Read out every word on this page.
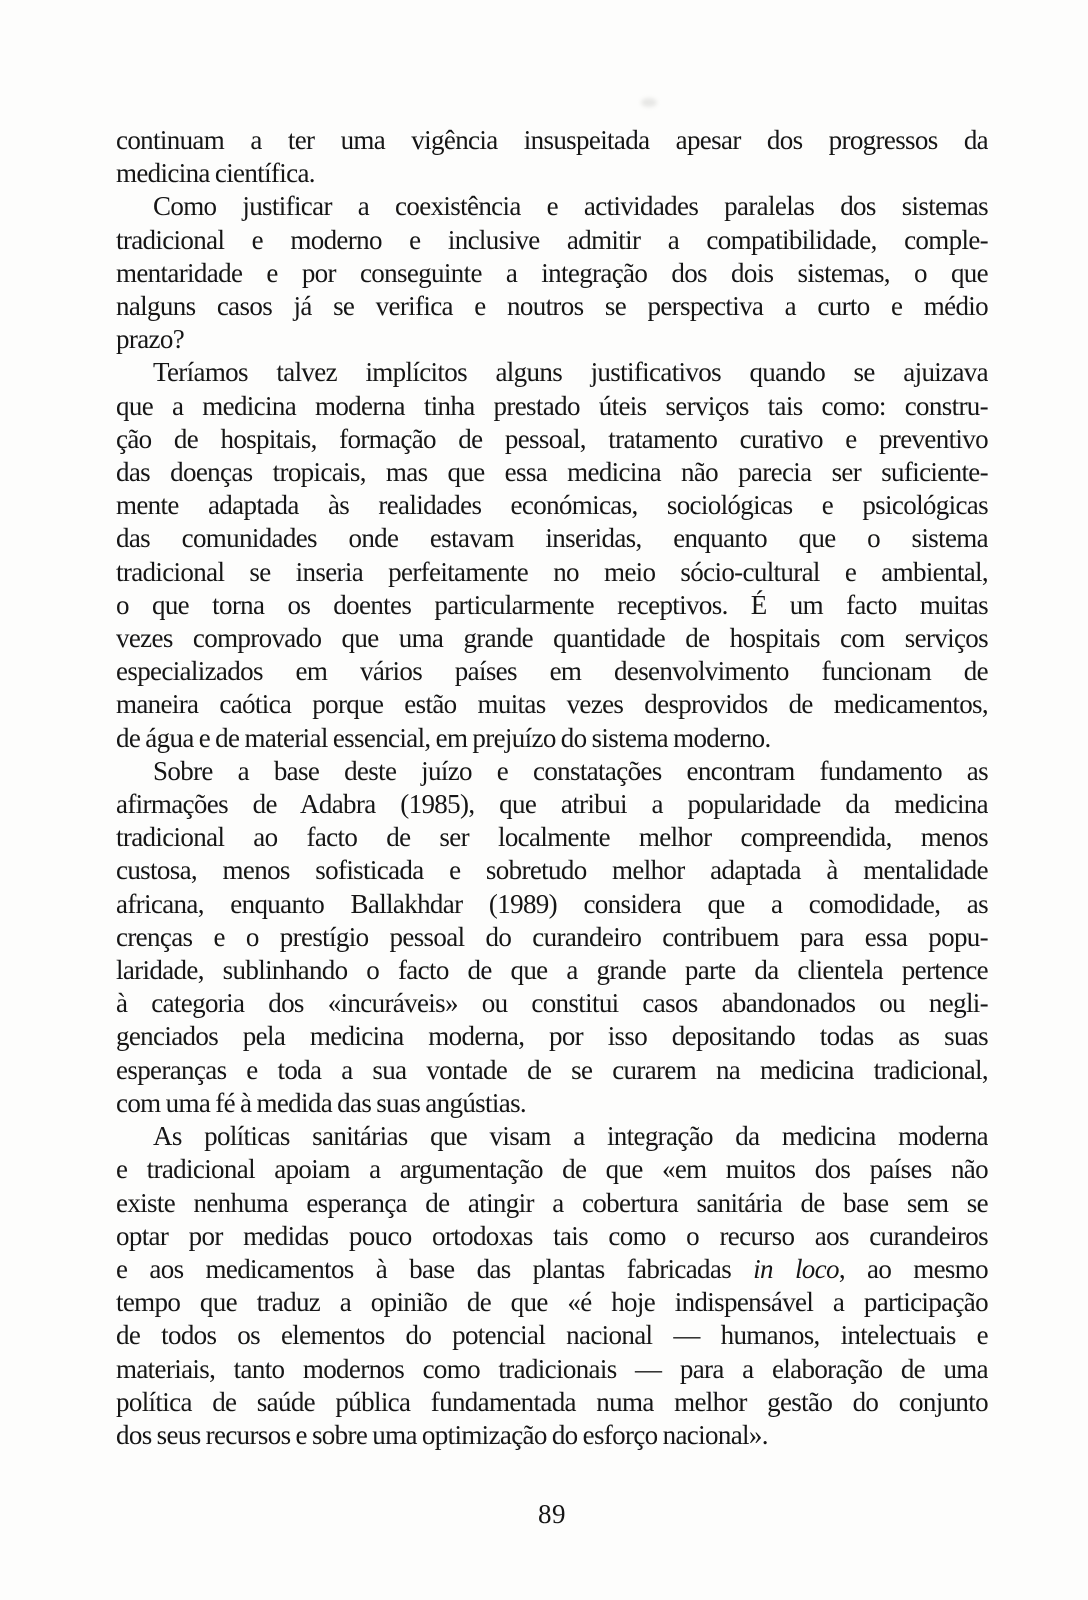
continuam a ter uma vigência insuspeitada apesar dos progressos da
medicina científica.
Como justificar a coexistência e actividades paralelas dos sistemas
tradicional e moderno e inclusive admitir a compatibilidade, comple-
mentaridade e por conseguinte a integração dos dois sistemas, o que
nalguns casos já se verifica e noutros se perspectiva a curto e médio
prazo?
Teríamos talvez implícitos alguns justificativos quando se ajuizava
que a medicina moderna tinha prestado úteis serviços tais como: constru-
ção de hospitais, formação de pessoal, tratamento curativo e preventivo
das doenças tropicais, mas que essa medicina não parecia ser suficiente-
mente adaptada às realidades económicas, sociológicas e psicológicas
das comunidades onde estavam inseridas, enquanto que o sistema
tradicional se inseria perfeitamente no meio sócio-cultural e ambiental,
o que torna os doentes particularmente receptivos. É um facto muitas
vezes comprovado que uma grande quantidade de hospitais com serviços
especializados em vários países em desenvolvimento funcionam de
maneira caótica porque estão muitas vezes desprovidos de medicamentos,
de água e de material essencial, em prejuízo do sistema moderno.
Sobre a base deste juízo e constatações encontram fundamento as
afirmações de Adabra (1985), que atribui a popularidade da medicina
tradicional ao facto de ser localmente melhor compreendida, menos
custosa, menos sofisticada e sobretudo melhor adaptada à mentalidade
africana, enquanto Ballakhdar (1989) considera que a comodidade, as
crenças e o prestígio pessoal do curandeiro contribuem para essa popu-
laridade, sublinhando o facto de que a grande parte da clientela pertence
à categoria dos «incuráveis» ou constitui casos abandonados ou negli-
genciados pela medicina moderna, por isso depositando todas as suas
esperanças e toda a sua vontade de se curarem na medicina tradicional,
com uma fé à medida das suas angústias.
As políticas sanitárias que visam a integração da medicina moderna
e tradicional apoiam a argumentação de que «em muitos dos países não
existe nenhuma esperança de atingir a cobertura sanitária de base sem se
optar por medidas pouco ortodoxas tais como o recurso aos curandeiros
e aos medicamentos à base das plantas fabricadas in loco, ao mesmo
tempo que traduz a opinião de que «é hoje indispensável a participação
de todos os elementos do potencial nacional — humanos, intelectuais e
materiais, tanto modernos como tradicionais — para a elaboração de uma
política de saúde pública fundamentada numa melhor gestão do conjunto
dos seus recursos e sobre uma optimização do esforço nacional».
89
